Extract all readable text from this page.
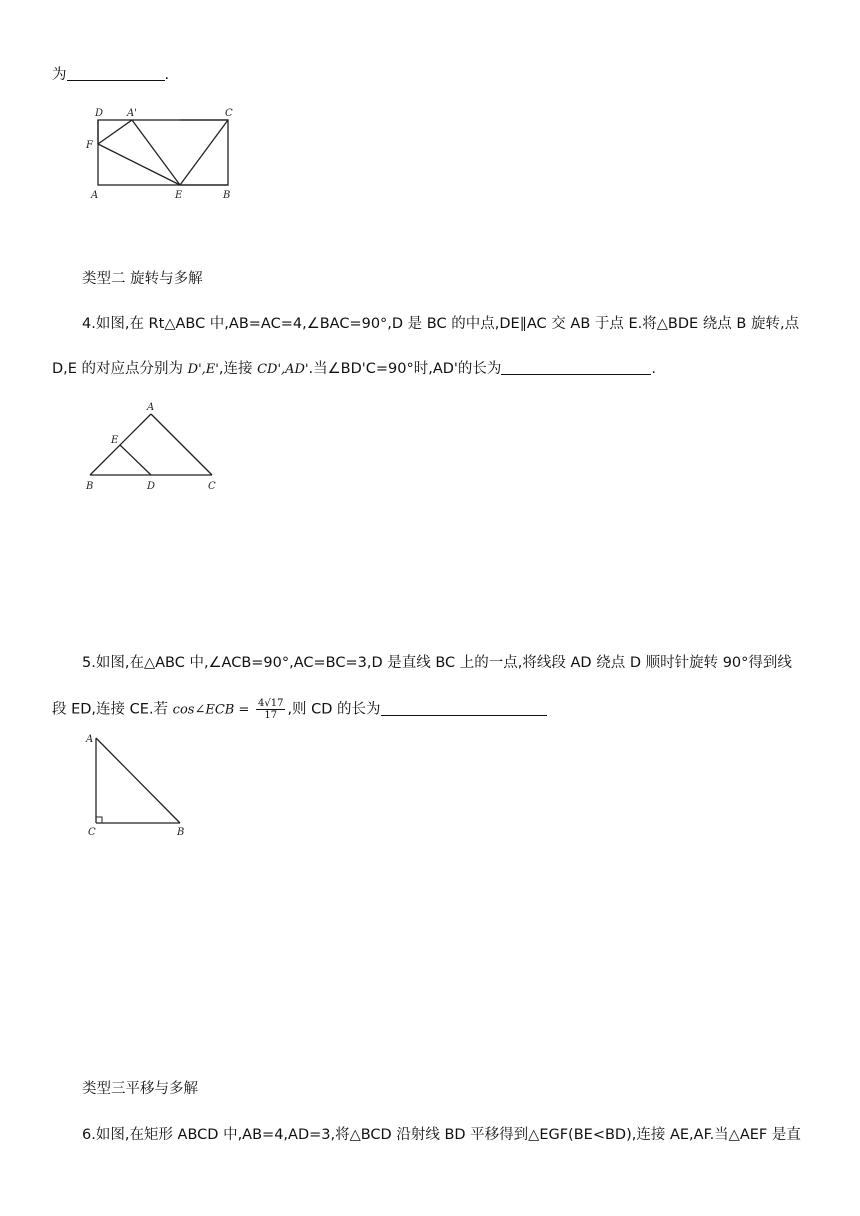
为	.
D A'	C
F
A	E	B
类型二 旋转与多解
4.如图,在 Rt△ABC 中,AB=AC=4,∠BAC=90°,D 是 BC 的中点,DE∥AC 交 AB 于点 E.将△BDE 绕点 B 旋转,点
D,E 的对应点分别为 D',E',连接 CD',AD'.当∠BD'C=90°时,AD'的长为	.
A
E
B	D	C
5.如图,在△ABC 中,∠ACB=90°,AC=BC=3,D 是直线 BC 上的一点,将线段 AD 绕点 D 顺时针旋转 90°得到线
段 ED,连接 CE.若 cos∠ECB = $\frac{4√17}{17}$ ,则 CD 的长为
A
C	B
类型三平移与多解
6.如图,在矩形 ABCD 中,AB=4,AD=3,将△BCD 沿射线 BD 平移得到△EGF(BE<BD),连接 AE,AF.当△AEF 是直
